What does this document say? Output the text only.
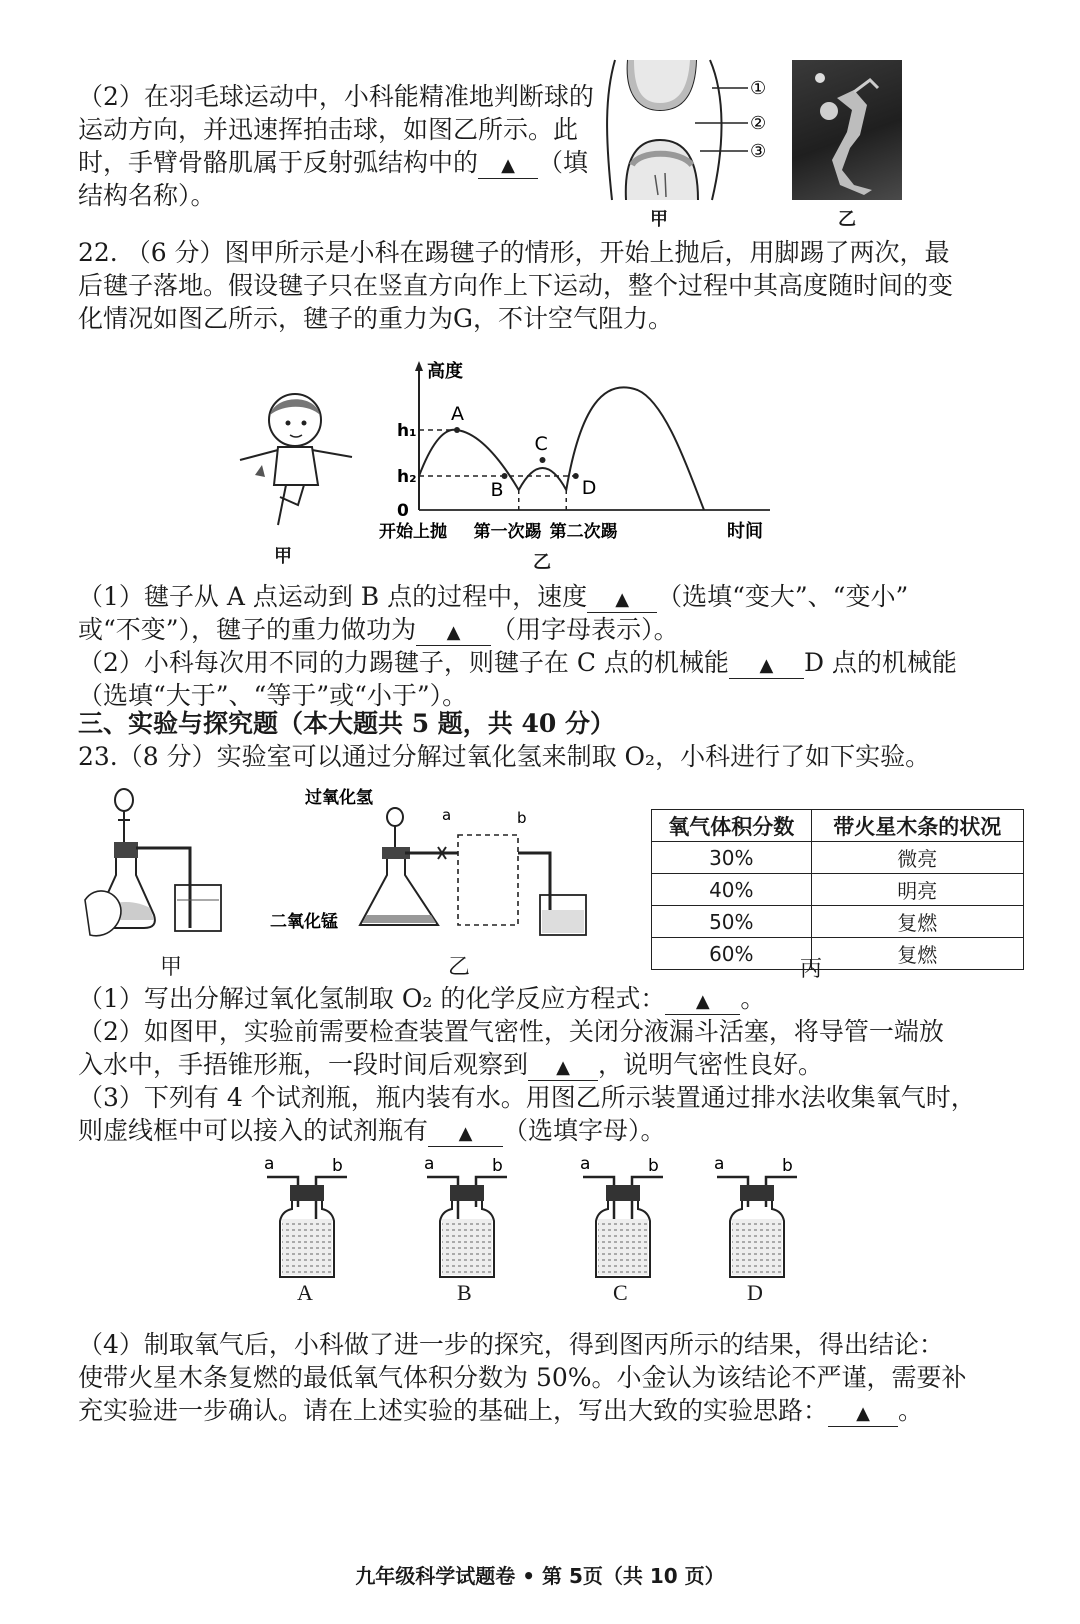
（2）在羽毛球运动中，小科能精准地判断球的
运动方向，并迅速挥拍击球，如图乙所示。此
时，手臂骨骼肌属于反射弧结构中的 ▲ （填
结构名称）。
①
②
③
甲	乙
22. （6 分）图甲所示是小科在踢毽子的情形，开始上抛后，用脚踢了两次，最
后毽子落地。假设毽子只在竖直方向作上下运动，整个过程中其高度随时间的变
化情况如图乙所示，毽子的重力为G，不计空气阻力。
甲
高度
时间
h₁
h₂
0
开始上抛 第一次踢 第二次踢
A
B
C
D
乙
（1）毽子从 A 点运动到 B 点的过程中，速度 ▲ （选填“变大”、“变小”
或“不变”），毽子的重力做功为 ▲ （用字母表示）。
（2）小科每次用不同的力踢毽子，则毽子在 C 点的机械能 ▲ D 点的机械能
（选填“大于”、“等于”或“小于”）。
三、实验与探究题（本大题共 5 题，共 40 分）
23.（8 分）实验室可以通过分解过氧化氢来制取 O₂，小科进行了如下实验。
甲
过氧化氢
a	b
二氧化锰
乙
氧气体积分数	带火星木条的状况
30%	微亮
40%	明亮
50%	复燃
60%	复燃
丙
（1）写出分解过氧化氢制取 O₂ 的化学反应方程式： ▲ 。
（2）如图甲，实验前需要检查装置气密性，关闭分液漏斗活塞，将导管一端放
入水中，手捂锥形瓶，一段时间后观察到 ▲ ，说明气密性良好。
（3）下列有 4 个试剂瓶，瓶内装有水。用图乙所示装置通过排水法收集氧气时，
则虚线框中可以接入的试剂瓶有 ▲ （选填字母）。
a	b
A
a	b
B
a	b
C
a	b
D
（4）制取氧气后，小科做了进一步的探究，得到图丙所示的结果，得出结论：
使带火星木条复燃的最低氧气体积分数为 50%。小金认为该结论不严谨，需要补
充实验进一步确认。请在上述实验的基础上，写出大致的实验思路： ▲ 。
九年级科学试题卷 • 第 5页（共 10 页）
